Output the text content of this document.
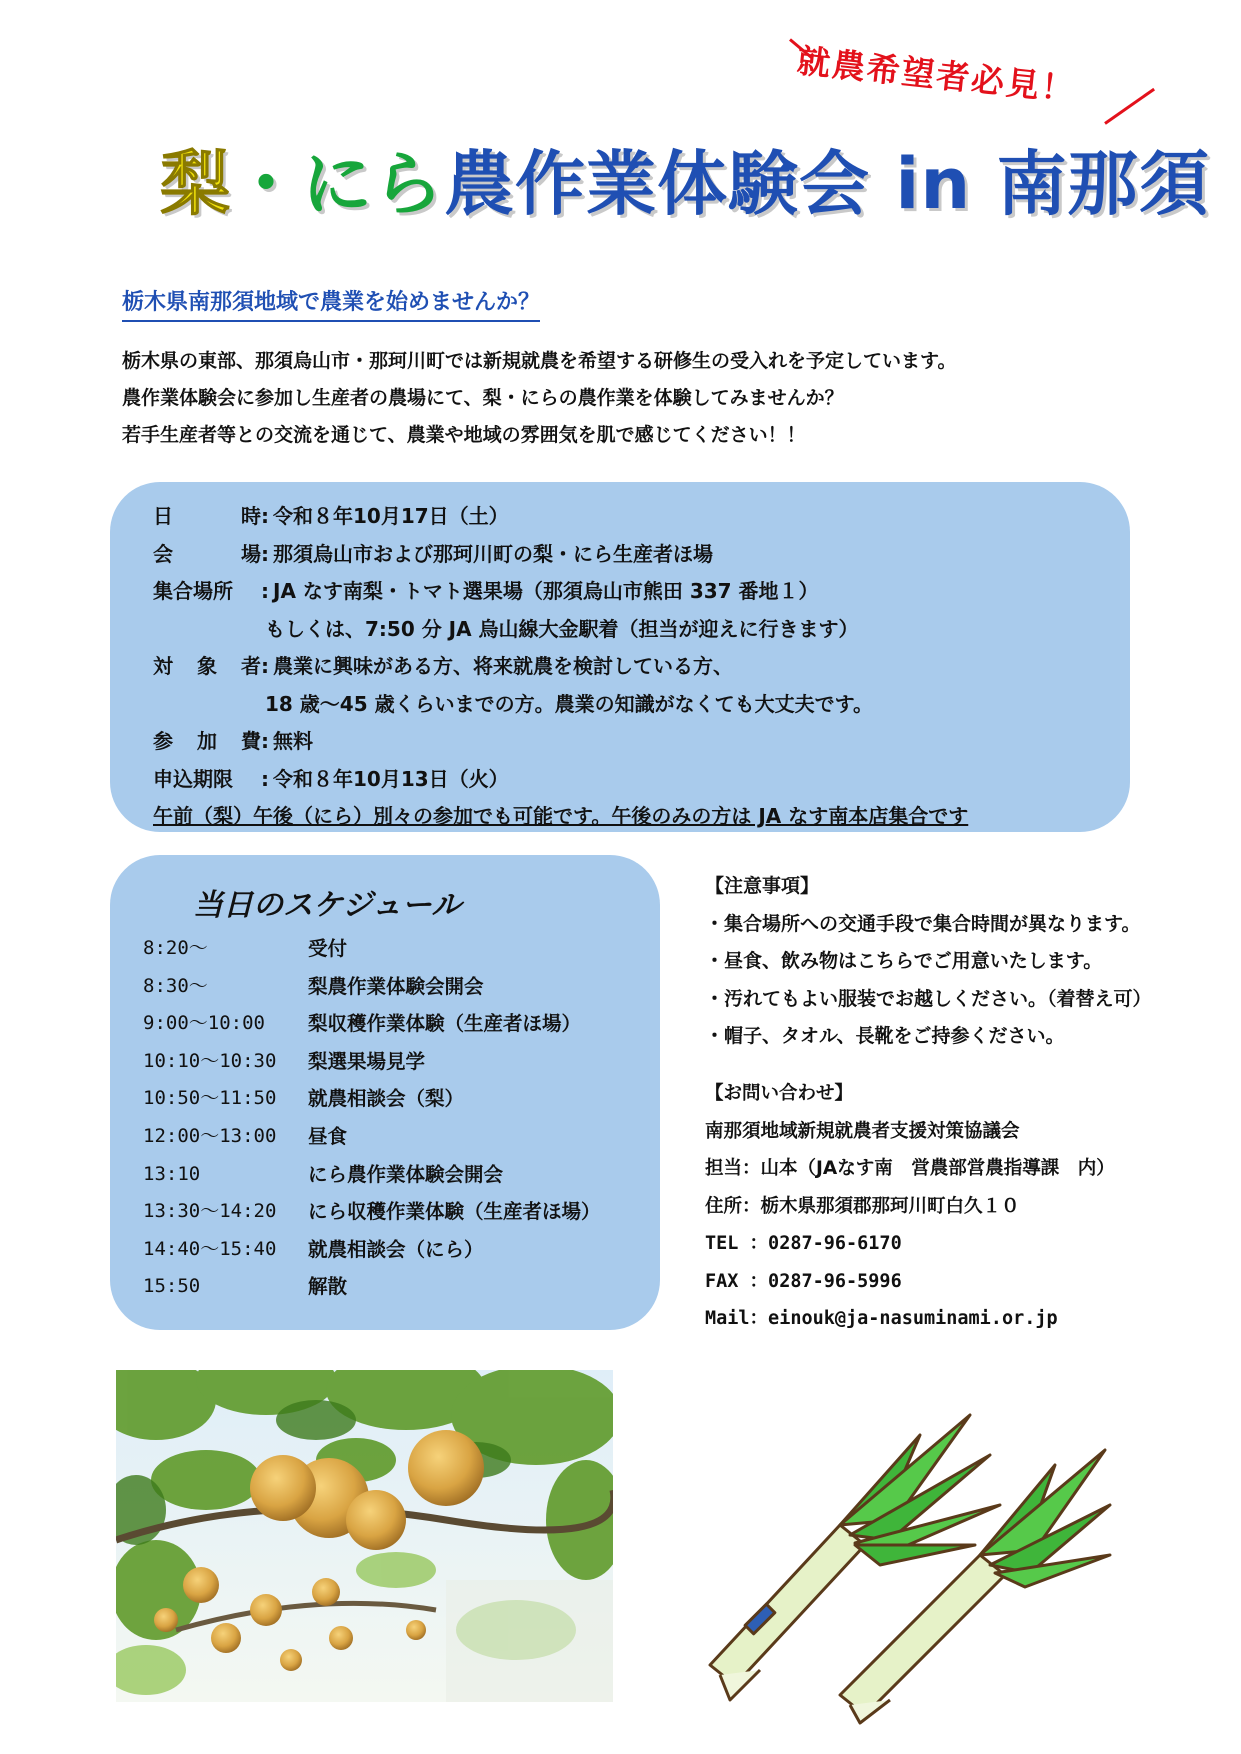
就農希望者必見！
梨・にら農作業体験会 in 南那須
栃木県南那須地域で農業を始めませんか？
栃木県の東部、那須烏山市・那珂川町では新規就農を希望する研修生の受入れを予定しています。
農作業体験会に参加し生産者の農場にて、梨・にらの農作業を体験してみませんか？
若手生産者等との交流を通じて、農業や地域の雰囲気を肌で感じてください！！
日	時 : 令和８年10月17日（土）
会	場 : 那須烏山市および那珂川町の梨・にら生産者ほ場
集合場所	: JA なす南梨・トマト選果場（那須烏山市熊田 337 番地１）
もしくは、7:50 分 JA 烏山線大金駅着（担当が迎えに行きます）
対 象 者 : 農業に興味がある方、将来就農を検討している方、
18 歳～45 歳くらいまでの方。農業の知識がなくても大丈夫です。
参 加 費 : 無料
申込期限	: 令和８年10月13日（火）
午前（梨）午後（にら）別々の参加でも可能です。午後のみの方は JA なす南本店集合です
当日のスケジュール
8:20～	受付
8:30～	梨農作業体験会開会
9:00～10:00	梨収穫作業体験（生産者ほ場）
10:10～10:30	梨選果場見学
10:50～11:50	就農相談会（梨）
12:00～13:00	昼食
13:10	にら農作業体験会開会
13:30～14:20	にら収穫作業体験（生産者ほ場）
14:40～15:40	就農相談会（にら）
15:50	解散
【注意事項】
・集合場所への交通手段で集合時間が異なります。
・昼食、飲み物はこちらでご用意いたします。
・汚れてもよい服装でお越しください。（着替え可）
・帽子、タオル、長靴をご持参ください。
【お問い合わせ】
南那須地域新規就農者支援対策協議会
担当：山本（JAなす南　営農部営農指導課　内）
住所：栃木県那須郡那珂川町白久１０
TEL ：0287-96-6170
FAX ：0287-96-5996
Mail：einouk@ja-nasuminami.or.jp
